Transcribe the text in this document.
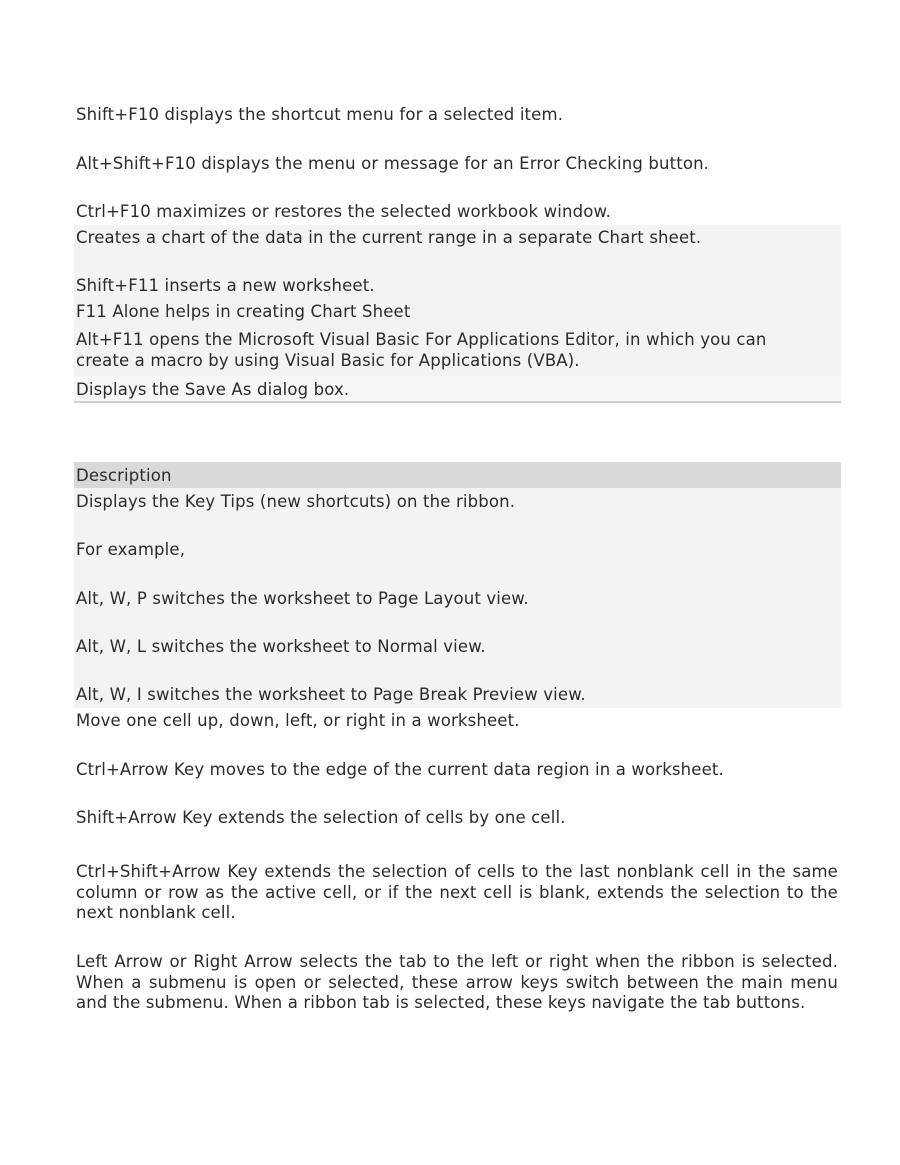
Shift+F10 displays the shortcut menu for a selected item.
Alt+Shift+F10 displays the menu or message for an Error Checking button.
Ctrl+F10 maximizes or restores the selected workbook window.
Creates a chart of the data in the current range in a separate Chart sheet.
Shift+F11 inserts a new worksheet.
F11 Alone helps in creating Chart Sheet
Alt+F11 opens the Microsoft Visual Basic For Applications Editor, in which you can
create a macro by using Visual Basic for Applications (VBA).
Displays the Save As dialog box.
Description
Displays the Key Tips (new shortcuts) on the ribbon.
For example,
Alt, W, P switches the worksheet to Page Layout view.
Alt, W, L switches the worksheet to Normal view.
Alt, W, I switches the worksheet to Page Break Preview view.
Move one cell up, down, left, or right in a worksheet.
Ctrl+Arrow Key moves to the edge of the current data region in a worksheet.
Shift+Arrow Key extends the selection of cells by one cell.
Ctrl+Shift+Arrow Key extends the selection of cells to the last nonblank cell in the same column or row as the active cell, or if the next cell is blank, extends the selection to the next nonblank cell.
Left Arrow or Right Arrow selects the tab to the left or right when the ribbon is selected. When a submenu is open or selected, these arrow keys switch between the main menu and the submenu. When a ribbon tab is selected, these keys navigate the tab buttons.
